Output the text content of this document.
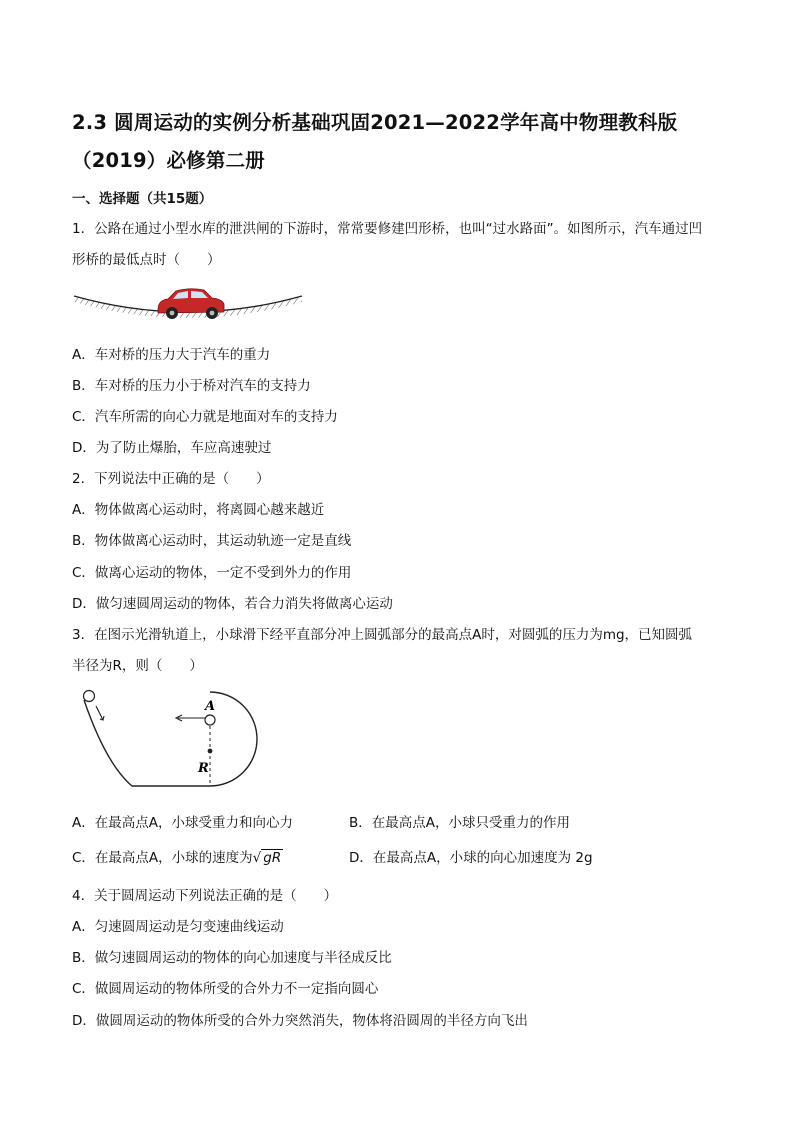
2.3 圆周运动的实例分析基础巩固2021—2022学年高中物理教科版（2019）必修第二册
一、选择题（共15题）
1．公路在通过小型水库的泄洪闸的下游时，常常要修建凹形桥，也叫“过水路面”。如图所示，汽车通过凹
形桥的最低点时（　　）
A．车对桥的压力大于汽车的重力
B．车对桥的压力小于桥对汽车的支持力
C．汽车所需的向心力就是地面对车的支持力
D．为了防止爆胎，车应高速驶过
2．下列说法中正确的是（　　）
A．物体做离心运动时，将离圆心越来越近
B．物体做离心运动时，其运动轨迹一定是直线
C．做离心运动的物体，一定不受到外力的作用
D．做匀速圆周运动的物体，若合力消失将做离心运动
3．在图示光滑轨道上，小球滑下经平直部分冲上圆弧部分的最高点A时，对圆弧的压力为mg，已知圆弧
半径为R，则（　　）
A
R
A．在最高点A，小球受重力和向心力	B．在最高点A，小球只受重力的作用
C．在最高点A，小球的速度为√ gR	D．在最高点A，小球的向心加速度为 2g
4．关于圆周运动下列说法正确的是（　　）
A．匀速圆周运动是匀变速曲线运动
B．做匀速圆周运动的物体的向心加速度与半径成反比
C．做圆周运动的物体所受的合外力不一定指向圆心
D．做圆周运动的物体所受的合外力突然消失，物体将沿圆周的半径方向飞出
